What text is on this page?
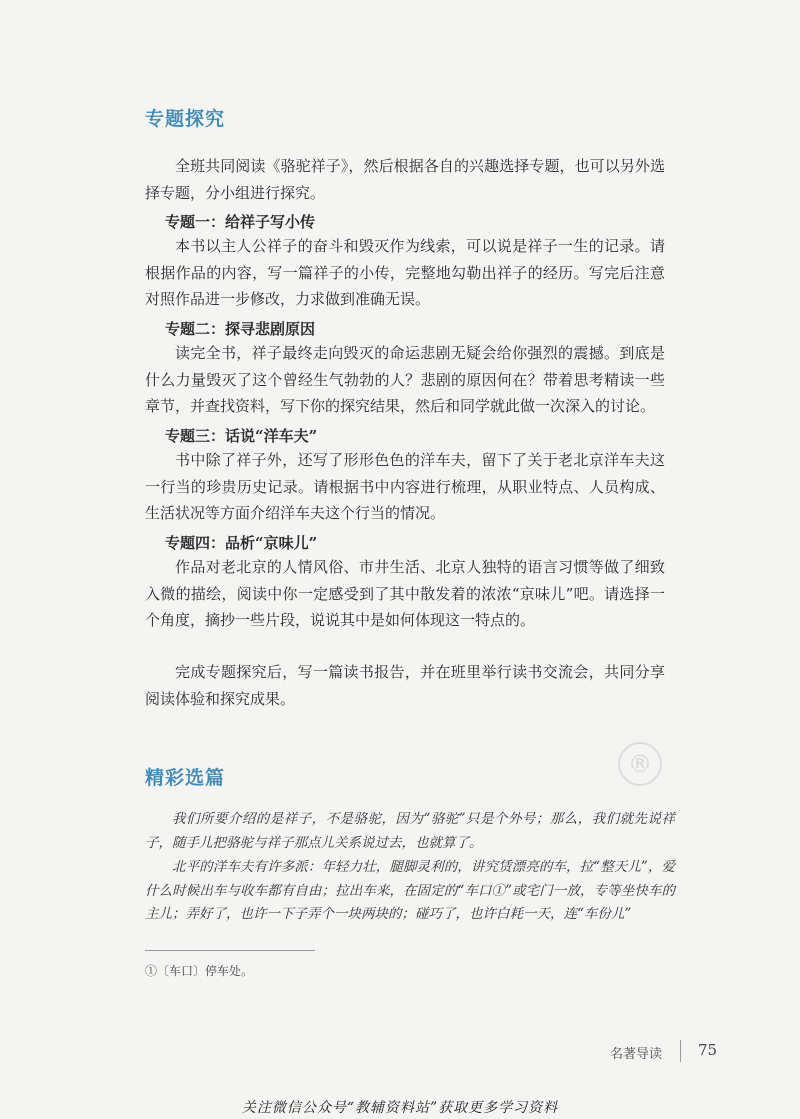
专题探究

全班共同阅读《骆驼祥子》，然后根据各自的兴趣选择专题，也可以另外选择专题，分小组进行探究。

专题一：给祥子写小传

本书以主人公祥子的奋斗和毁灭作为线索，可以说是祥子一生的记录。请根据作品的内容，写一篇祥子的小传，完整地勾勒出祥子的经历。写完后注意对照作品进一步修改，力求做到准确无误。

专题二：探寻悲剧原因

读完全书，祥子最终走向毁灭的命运悲剧无疑会给你强烈的震撼。到底是什么力量毁灭了这个曾经生气勃勃的人？悲剧的原因何在？带着思考精读一些章节，并查找资料，写下你的探究结果，然后和同学就此做一次深入的讨论。

专题三：话说“洋车夫”

书中除了祥子外，还写了形形色色的洋车夫，留下了关于老北京洋车夫这一行当的珍贵历史记录。请根据书中内容进行梳理，从职业特点、人员构成、生活状况等方面介绍洋车夫这个行当的情况。

专题四：品析“京味儿”

作品对老北京的人情风俗、市井生活、北京人独特的语言习惯等做了细致入微的描绘，阅读中你一定感受到了其中散发着的浓浓“京味儿”吧。请选择一个角度，摘抄一些片段，说说其中是如何体现这一特点的。

完成专题探究后，写一篇读书报告，并在班里举行读书交流会，共同分享阅读体验和探究成果。

®
精彩选篇

我们所要介绍的是祥子，不是骆驼，因为“骆驼”只是个外号；那么，我们就先说祥子，随手儿把骆驼与祥子那点儿关系说过去，也就算了。

北平的洋车夫有许多派：年轻力壮，腿脚灵利的，讲究赁漂亮的车，拉“整天儿”，爱什么时候出车与收车都有自由；拉出车来，在固定的“车口①”或宅门一放，专等坐快车的主儿；弄好了，也许一下子弄个一块两块的；碰巧了，也许白耗一天，连“车份儿”

①〔车口〕停车处。
名著导读 75
关注微信公众号“教辅资料站”获取更多学习资料
